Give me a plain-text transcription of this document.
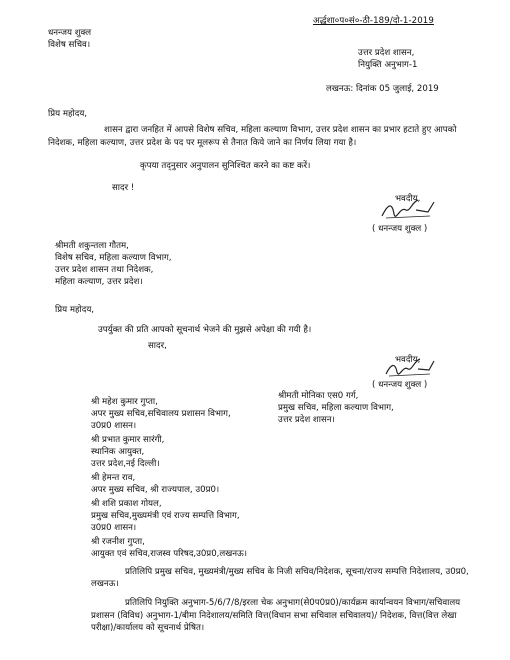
धनन्जय शुक्ल
विशेष सचिव।
अर्द्धशा०प०सं०-ठी-189/दो-1-2019
उत्तर प्रदेश शासन,
नियुक्ति अनुभाग-1
लखनऊ: दिनांक 05 जुलाई, 2019
प्रिय महोदय,
शासन द्वारा जनहित में आपसे विशेष सचिव, महिला कल्याण विभाग, उत्तर प्रदेश शासन का प्रभार हटाते हुए आपको निदेशक, महिला कल्याण, उत्तर प्रदेश के पद पर मूलरूप से तैनात किये जाने का निर्णय लिया गया है।
कृपया तद्नुसार अनुपालन सुनिश्चित करने का कष्ट करें।
सादर !
भवदीय,
( धनन्जय शुक्ल )
श्रीमती शकुन्तला गौतम,
विशेष सचिव, महिला कल्याण विभाग,
उत्तर प्रदेश शासन तथा निदेशक,
महिला कल्याण, उत्तर प्रदेश।
प्रिय महोदय,
उपर्युक्त की प्रति आपको सूचनार्थ भेजने की मुझसे अपेक्षा की गयी है।
सादर,
भवदीय,
( धनन्जय शुक्ल )
श्री महेश कुमार गुप्ता,
अपर मुख्य सचिव,सचिवालय प्रशासन विभाग,
उ0प्र0 शासन।
श्री प्रभात कुमार सारंगी,
स्थानिक आयुक्त,
उत्तर प्रदेश,नई दिल्ली।
श्री हेमन्त राव,
अपर मुख्य सचिव, श्री राज्यपाल, उ0प्र0।
श्री शशि प्रकाश गोयल,
प्रमुख सचिव,मुख्यमंत्री एवं राज्य सम्पत्ति विभाग,
उ0प्र0 शासन।
श्री रजनीश गुप्ता,
आयुक्त एवं सचिव,राजस्व परिषद,उ0प्र0,लखनऊ।
श्रीमती मोनिका एस0 गर्ग,
प्रमुख सचिव, महिला कल्याण विभाग,
उत्तर प्रदेश शासन।
प्रतिलिपि प्रमुख सचिव, मुख्यमंत्री/मुख्य सचिव के निजी सचिव/निदेशक, सूचना/राज्य सम्पत्ति निदेशालय, उ0प्र0, लखनऊ।
प्रतिलिपि नियुक्ति अनुभाग-5/6/7/8/इरला चेक अनुभाग(से0प0प्र0)/कार्यक्रम कार्यान्वयन विभाग/सचिवालय प्रशासन (विविध) अनुभाग-1/बीमा निदेशालय/समिति वित्त(विधान सभा सचिवाल सचिवालय)/ निदेशक, वित्त(वित्त लेखा परीक्षा)/कार्यालय को सूचनार्थ प्रेषित।
